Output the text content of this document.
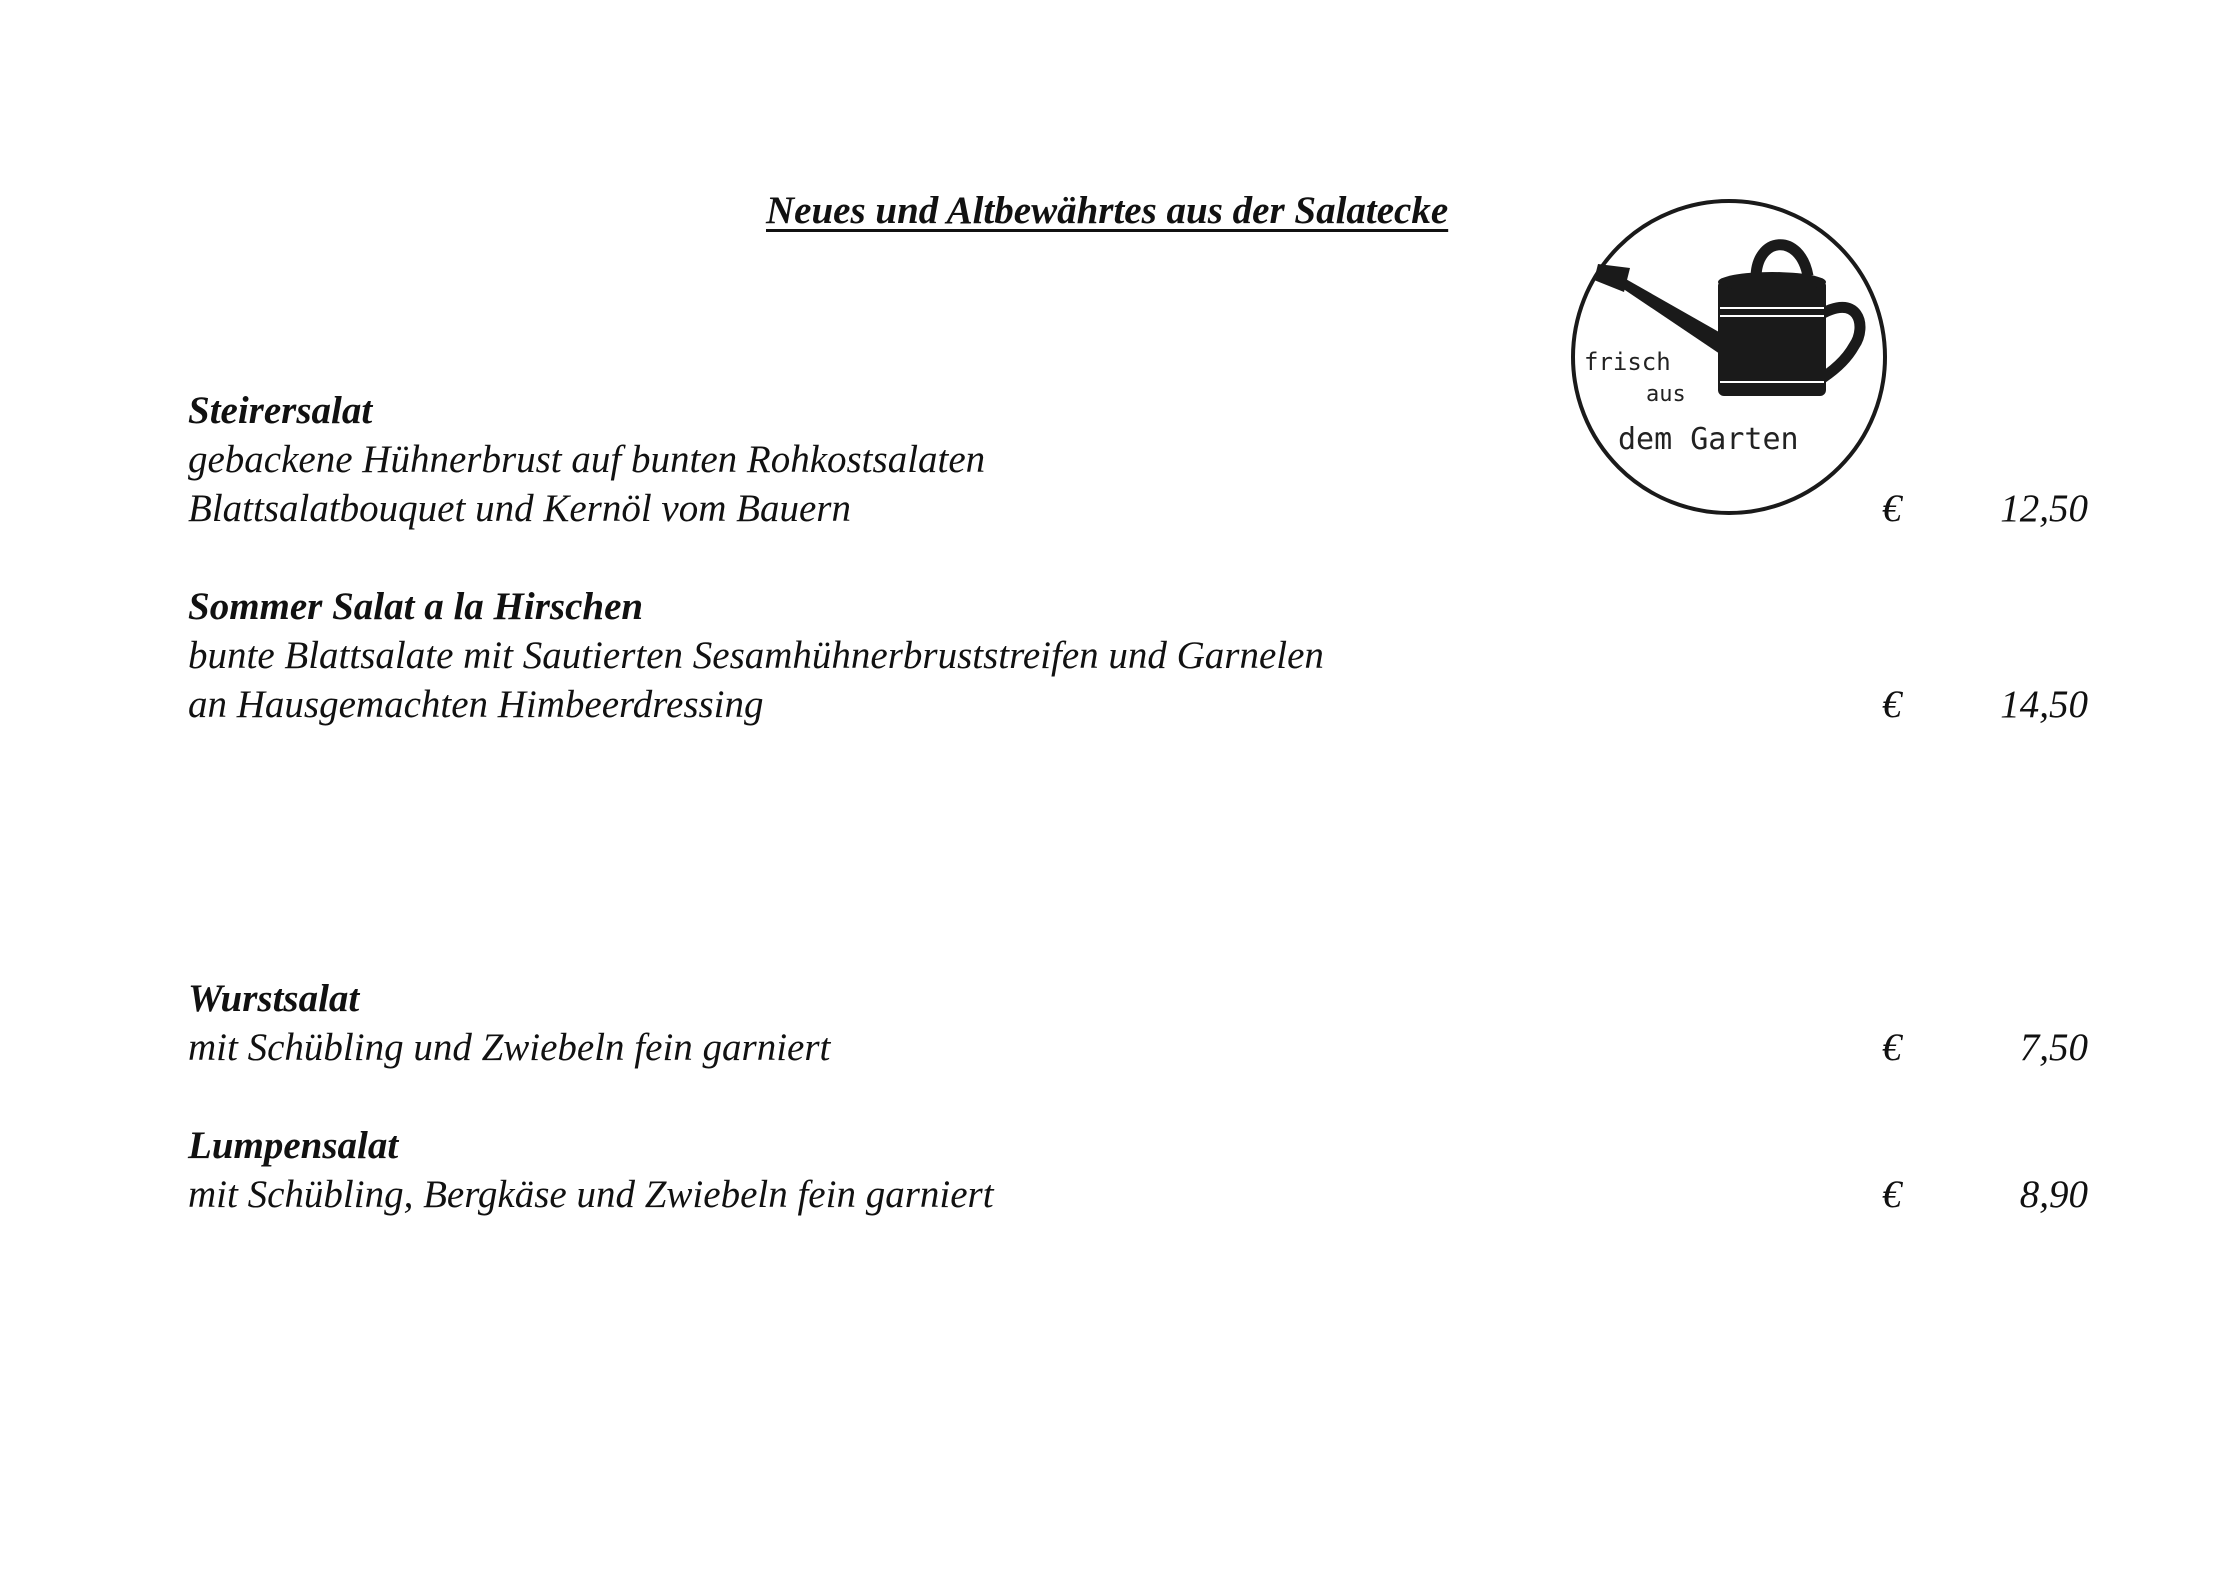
Neues und Altbewährtes aus der Salatecke
frisch
aus
dem Garten
Steirersalat
gebackene Hühnerbrust auf bunten Rohkostsalaten
Blattsalatbouquet und Kernöl vom Bauern	€	12,50
Sommer Salat a la Hirschen
bunte Blattsalate mit Sautierten Sesamhühnerbruststreifen und Garnelen
an Hausgemachten Himbeerdressing	€	14,50
Wurstsalat
mit Schübling und Zwiebeln fein garniert	€	7,50
Lumpensalat
mit Schübling, Bergkäse und Zwiebeln fein garniert	€	8,90
